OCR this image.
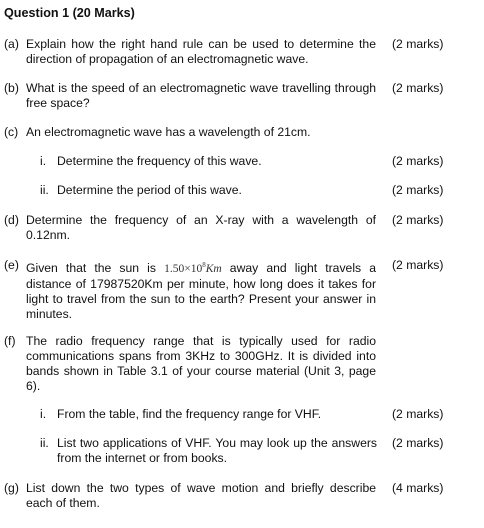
Question 1 (20 Marks)
(a) Explain how the right hand rule can be used to determine the direction of propagation of an electromagnetic wave.
(2 marks)
(b) What is the speed of an electromagnetic wave travelling through free space?
(2 marks)
(c) An electromagnetic wave has a wavelength of 21cm.
i. Determine the frequency of this wave.	(2 marks)
ii. Determine the period of this wave.	(2 marks)
(d) Determine the frequency of an X-ray with a wavelength of 0.12nm.
(2 marks)
(e) Given that the sun is $1.50\times 10^8Km$ away and light travels a distance of 17987520Km per minute, how long does it takes for light to travel from the sun to the earth? Present your answer in minutes.
(2 marks)
(f) The radio frequency range that is typically used for radio communications spans from 3KHz to 300GHz. It is divided into bands shown in Table 3.1 of your course material (Unit 3, page 6).
i. From the table, find the frequency range for VHF.	(2 marks)
ii. List two applications of VHF. You may look up the answers from the internet or from books.
(2 marks)
(g) List down the two types of wave motion and briefly describe each of them.
(4 marks)
